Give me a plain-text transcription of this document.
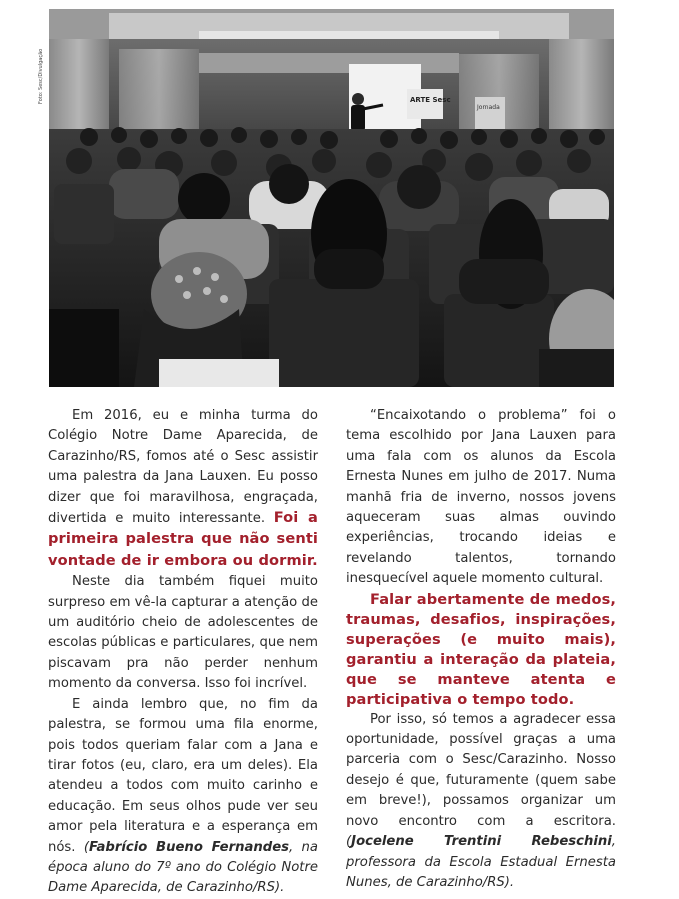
Foto: Sesc/Divulgação	ARTE Sesc
Jornada

Em 2016, eu e minha turma do Colégio Notre Dame Aparecida, de Carazinho/RS, fomos até o Sesc assistir uma palestra da Jana Lauxen. Eu posso dizer que foi maravilhosa, engraçada, divertida e muito interessante. Foi a primeira palestra que não senti vontade de ir embora ou dormir.

Neste dia também fiquei muito surpreso em vê-la capturar a atenção de um auditório cheio de adolescentes de escolas públicas e particulares, que nem piscavam pra não perder nenhum momento da conversa. Isso foi incrível.

E ainda lembro que, no fim da palestra, se formou uma fila enorme, pois todos queriam falar com a Jana e tirar fotos (eu, claro, era um deles). Ela atendeu a todos com muito carinho e educação. Em seus olhos pude ver seu amor pela literatura e a esperança em nós. (Fabrício Bueno Fernandes, na época aluno do 7º ano do Colégio Notre Dame Aparecida, de Carazinho/RS).

“Encaixotando o problema” foi o tema escolhido por Jana Lauxen para uma fala com os alunos da Escola Ernesta Nunes em julho de 2017. Numa manhã fria de inverno, nossos jovens aqueceram suas almas ouvindo experiências, trocando ideias e revelando talentos, tornando inesquecível aquele momento cultural.

Falar abertamente de medos, traumas, desafios, inspirações, superações (e muito mais), garantiu a interação da plateia, que se manteve atenta e participativa o tempo todo.

Por isso, só temos a agradecer essa oportunidade, possível graças a uma parceria com o Sesc/Carazinho. Nosso desejo é que, futuramente (quem sabe em breve!), possamos organizar um novo encontro com a escritora. (Jocelene Trentini Rebeschini, professora da Escola Estadual Ernesta Nunes, de Carazinho/RS).
